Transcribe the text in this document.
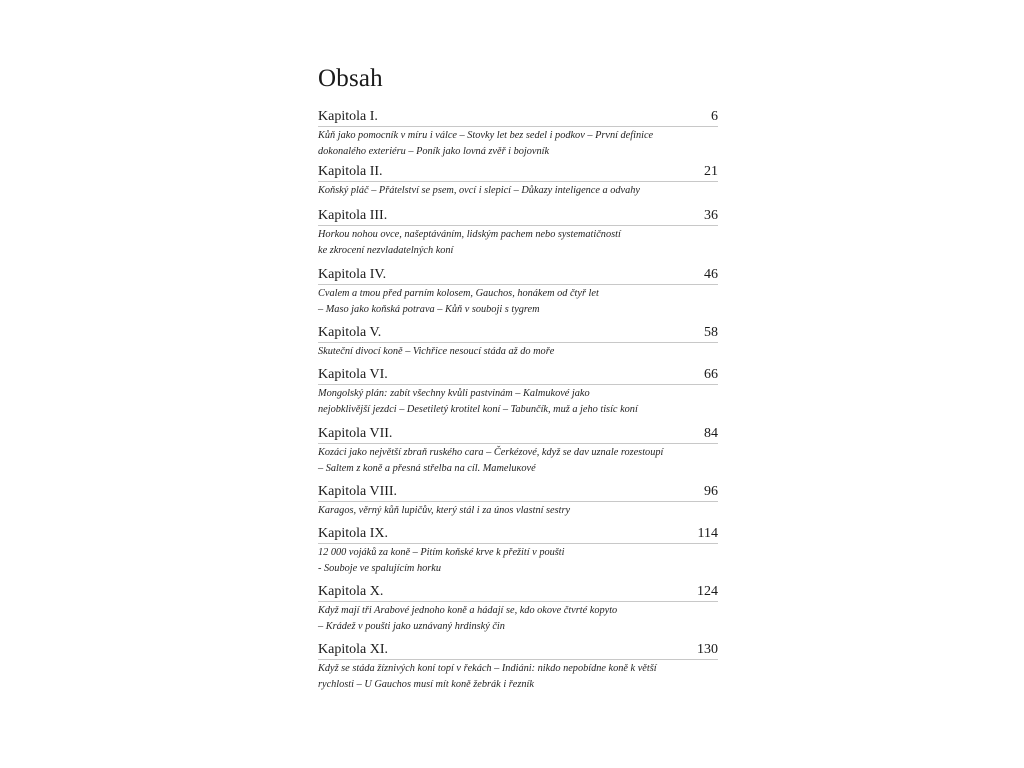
Obsah
Kapitola I.	6
Kůň jako pomocník v míru i válce – Stovky let bez sedel i podkov – První definice
dokonalého exteriéru – Poník jako lovná zvěř i bojovník
Kapitola II.	21
Koňský pláč – Přátelství se psem, ovcí i slepicí – Důkazy inteligence a odvahy
Kapitola III.	36
Horkou nohou ovce, našeptáváním, lidským pachem nebo systematičností
ke zkrocení nezvladatelných koní
Kapitola IV.	46
Cvalem a tmou před parním kolosem, Gauchos, honákem od čtyř let
– Maso jako koňská potrava – Kůň v souboji s tygrem
Kapitola V.	58
Skuteční divocí koně – Vichřice nesoucí stáda až do moře
Kapitola VI.	66
Mongolský plán: zabít všechny kvůli pastvinám – Kalmukové jako
nejobklivější jezdci – Desetiletý krotitel koní – Tabunčík, muž a jeho tisíc koní
Kapitola VII.	84
Kozáci jako největší zbraň ruského cara – Čerkézové, když se dav uznale rozestoupí
– Saltem z koně a přesná střelba na cíl. Mameluκové
Kapitola VIII.	96
Karagos, věrný kůň lupičův, který stál i za únos vlastní sestry
Kapitola IX.	114
12 000 vojáků za koně – Pitím koňské krve k přežití v poušti
- Souboje ve spalujícím horku
Kapitola X.	124
Když mají tři Arabové jednoho koně a hádají se, kdo okove čtvrté kopyto
– Krádež v poušti jako uznávaný hrdinský čin
Kapitola XI.	130
Když se stáda žíznivých koní topí v řekách – Indiáni: nikdo nepobídne koně k větší
rychlosti – U Gauchos musí mít koně žebrák i řezník
